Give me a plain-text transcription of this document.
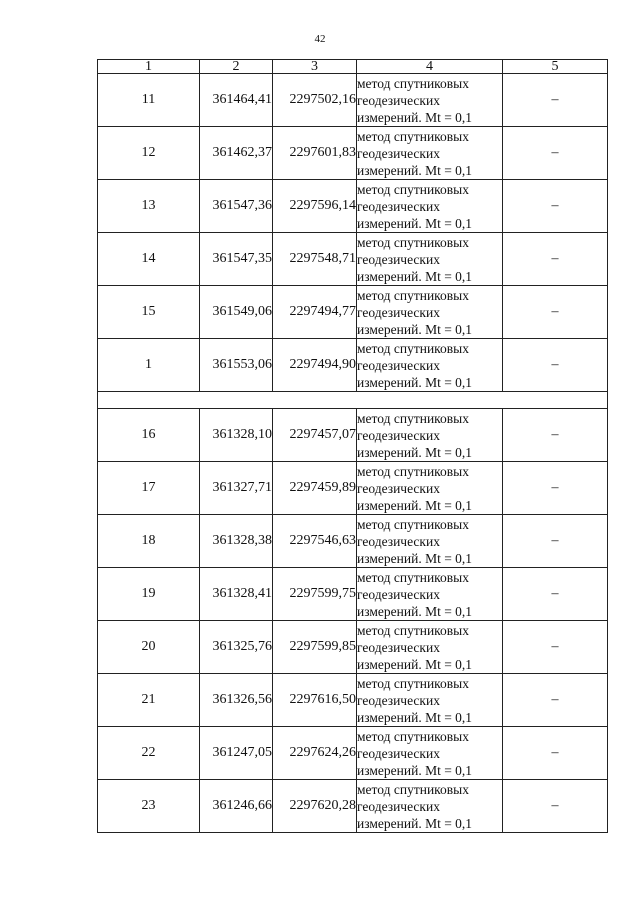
42
1	2	3	4	5
11	361464,41	2297502,16	метод спутниковых
геодезических
измерений. Mt = 0,1	–
12	361462,37	2297601,83	метод спутниковых
геодезических
измерений. Mt = 0,1	–
13	361547,36	2297596,14	метод спутниковых
геодезических
измерений. Mt = 0,1	–
14	361547,35	2297548,71	метод спутниковых
геодезических
измерений. Mt = 0,1	–
15	361549,06	2297494,77	метод спутниковых
геодезических
измерений. Mt = 0,1	–
1	361553,06	2297494,90	метод спутниковых
геодезических
измерений. Mt = 0,1	–

16	361328,10	2297457,07	метод спутниковых
геодезических
измерений. Mt = 0,1	–
17	361327,71	2297459,89	метод спутниковых
геодезических
измерений. Mt = 0,1	–
18	361328,38	2297546,63	метод спутниковых
геодезических
измерений. Mt = 0,1	–
19	361328,41	2297599,75	метод спутниковых
геодезических
измерений. Mt = 0,1	–
20	361325,76	2297599,85	метод спутниковых
геодезических
измерений. Mt = 0,1	–
21	361326,56	2297616,50	метод спутниковых
геодезических
измерений. Mt = 0,1	–
22	361247,05	2297624,26	метод спутниковых
геодезических
измерений. Mt = 0,1	–
23	361246,66	2297620,28	метод спутниковых
геодезических
измерений. Mt = 0,1	–
